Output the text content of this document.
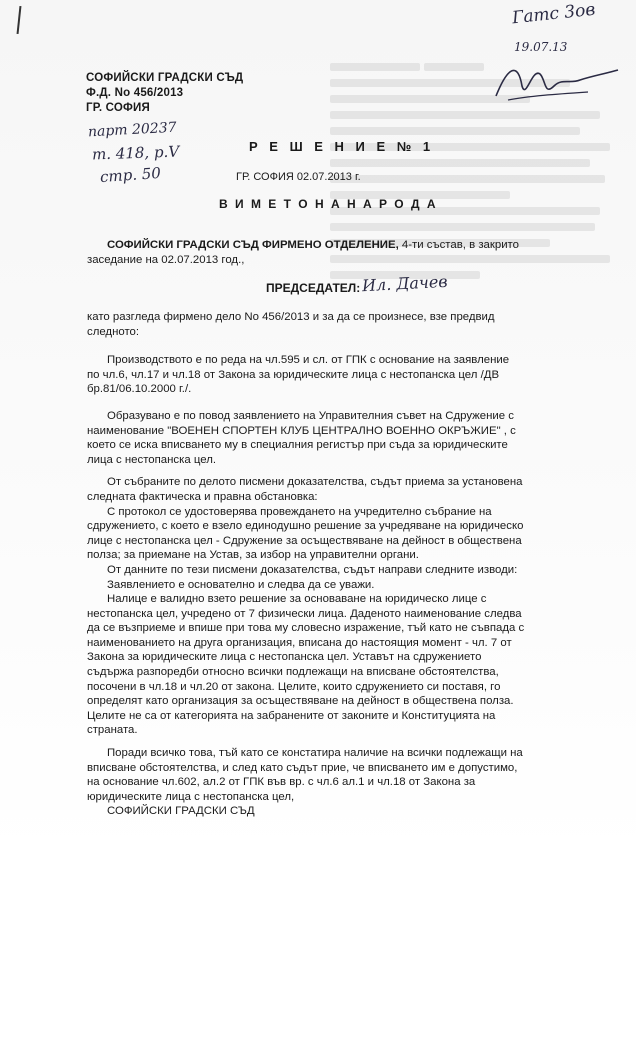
СОФИЙСКИ ГРАДСКИ СЪД
Ф.Д. No 456/2013
ГР. СОФИЯ
Гатс 3ов
19.07.13
парт 20237
т. 418, р.V
стр. 50
Р Е Ш Е Н И Е № 1
ГР. СОФИЯ 02.07.2013 г.
В И М Е Т О Н А Н А Р О Д А
СОФИЙСКИ ГРАДСКИ СЪД ФИРМЕНО ОТДЕЛЕНИЕ, 4-ти състав, в закрито
заседание на 02.07.2013 год.,
ПРЕДСЕДАТЕЛ: Ил. Дачев
като разгледа фирмено дело No 456/2013 и за да се произнесе, взе предвид
следното:
Производството е по реда на чл.595 и сл. от ГПК с основание на заявление
по чл.6, чл.17 и чл.18 от Закона за юридическите лица с нестопанска цел /ДВ
бр.81/06.10.2000 г./.
Образувано е по повод заявлението на Управителния съвет на Сдружение с
наименование "ВОЕНЕН СПОРТЕН КЛУБ ЦЕНТРАЛНО ВОЕННО ОКРЪЖИЕ" , с
което се иска вписването му в специалния регистър при съда за юридическите
лица с нестопанска цел.
От събраните по делото писмени доказателства, съдът приема за установена
следната фактическа и правна обстановка:
С протокол се удостоверява провеждането на учредително събрание на
сдружението, с което е взело единодушно решение за учредяване на юридическо
лице с нестопанска цел - Сдружение за осъществяване на дейност в обществена
полза; за приемане на Устав, за избор на управителни органи.
От данните по тези писмени доказателства, съдът направи следните изводи:
Заявлението е основателно и следва да се уважи.
Налице е валидно взето решение за основаване на юридическо лице с
нестопанска цел, учредено от 7 физически лица. Даденото наименование следва
да се възприеме и впише при това му словесно изражение, тъй като не съвпада с
наименованието на друга организация, вписана до настоящия момент - чл. 7 от
Закона за юридическите лица с нестопанска цел. Уставът на сдружението
съдържа разпоредби относно всички подлежащи на вписване обстоятелства,
посочени в чл.18 и чл.20 от закона. Целите, които сдружението си поставя, го
определят като организация за осъществяване на дейност в обществена полза.
Целите не са от категорията на забранените от законите и Конституцията на
страната.
Поради всичко това, тъй като се констатира наличие на всички подлежащи на
вписване обстоятелства, и след като съдът прие, че вписването им е допустимо,
на основание чл.602, ал.2 от ГПК във вр. с чл.6 ал.1 и чл.18 от Закона за
юридическите лица с нестопанска цел,
СОФИЙСКИ ГРАДСКИ СЪД
